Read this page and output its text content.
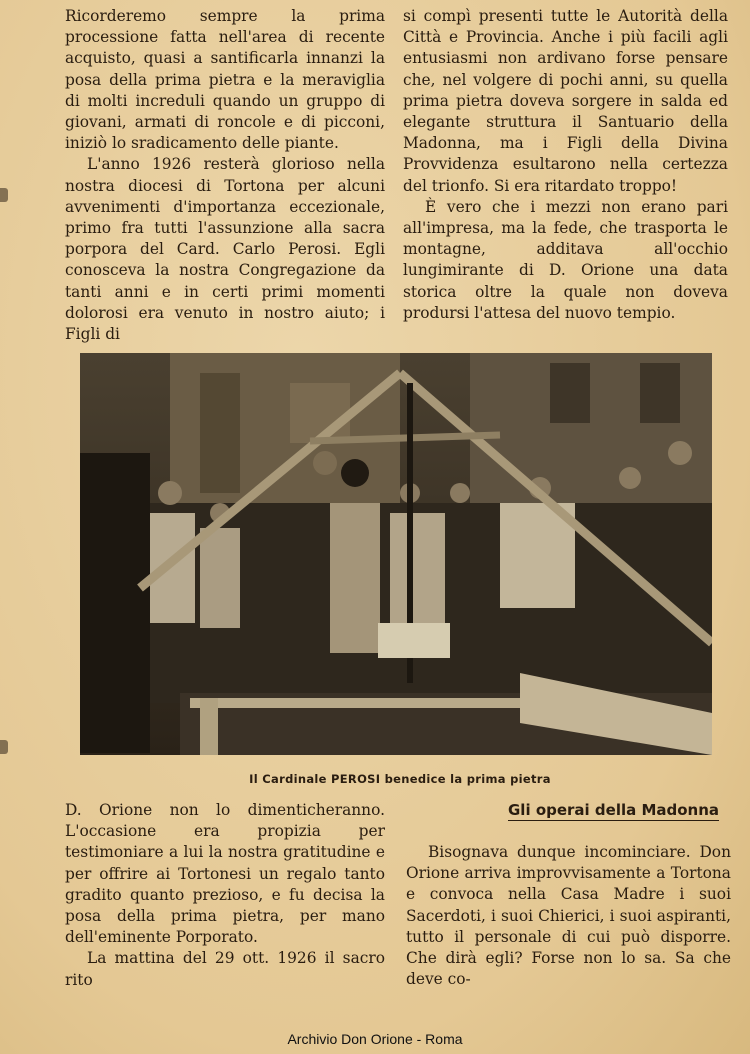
Ricorderemo sempre la prima processione fatta nell'area di recente acquisto, quasi a santificarla innanzi la posa della prima pietra e la meraviglia di molti increduli quando un gruppo di giovani, armati di roncole e di picconi, iniziò lo sradicamento delle piante.

L'anno 1926 resterà glorioso nella nostra diocesi di Tortona per alcuni avvenimenti d'importanza eccezionale, primo fra tutti l'assunzione alla sacra porpora del Card. Carlo Perosi. Egli conosceva la nostra Congregazione da tanti anni e in certi primi momenti dolorosi era venuto in nostro aiuto; i Figli di

si compì presenti tutte le Autorità della Città e Provincia. Anche i più facili agli entusiasmi non ardivano forse pensare che, nel volgere di pochi anni, su quella prima pietra doveva sorgere in salda ed elegante struttura il Santuario della Madonna, ma i Figli della Divina Provvidenza esultarono nella certezza del trionfo. Si era ritardato troppo!

È vero che i mezzi non erano pari all'impresa, ma la fede, che trasporta le montagne, additava all'occhio lungimirante di D. Orione una data storica oltre la quale non doveva prodursi l'attesa del nuovo tempio.

Il Cardinale PEROSI benedice la prima pietra

D. Orione non lo dimenticheranno. L'occasione era propizia per testimoniare a lui la nostra gratitudine e per offrire ai Tortonesi un regalo tanto gradito quanto prezioso, e fu decisa la posa della prima pietra, per mano dell'eminente Porporato.

La mattina del 29 ott. 1926 il sacro rito

Gli operai della Madonna

Bisognava dunque incominciare. Don Orione arriva improvvisamente a Tortona e convoca nella Casa Madre i suoi Sacerdoti, i suoi Chierici, i suoi aspiranti, tutto il personale di cui può disporre. Che dirà egli? Forse non lo sa. Sa che deve co-

Archivio Don Orione - Roma
